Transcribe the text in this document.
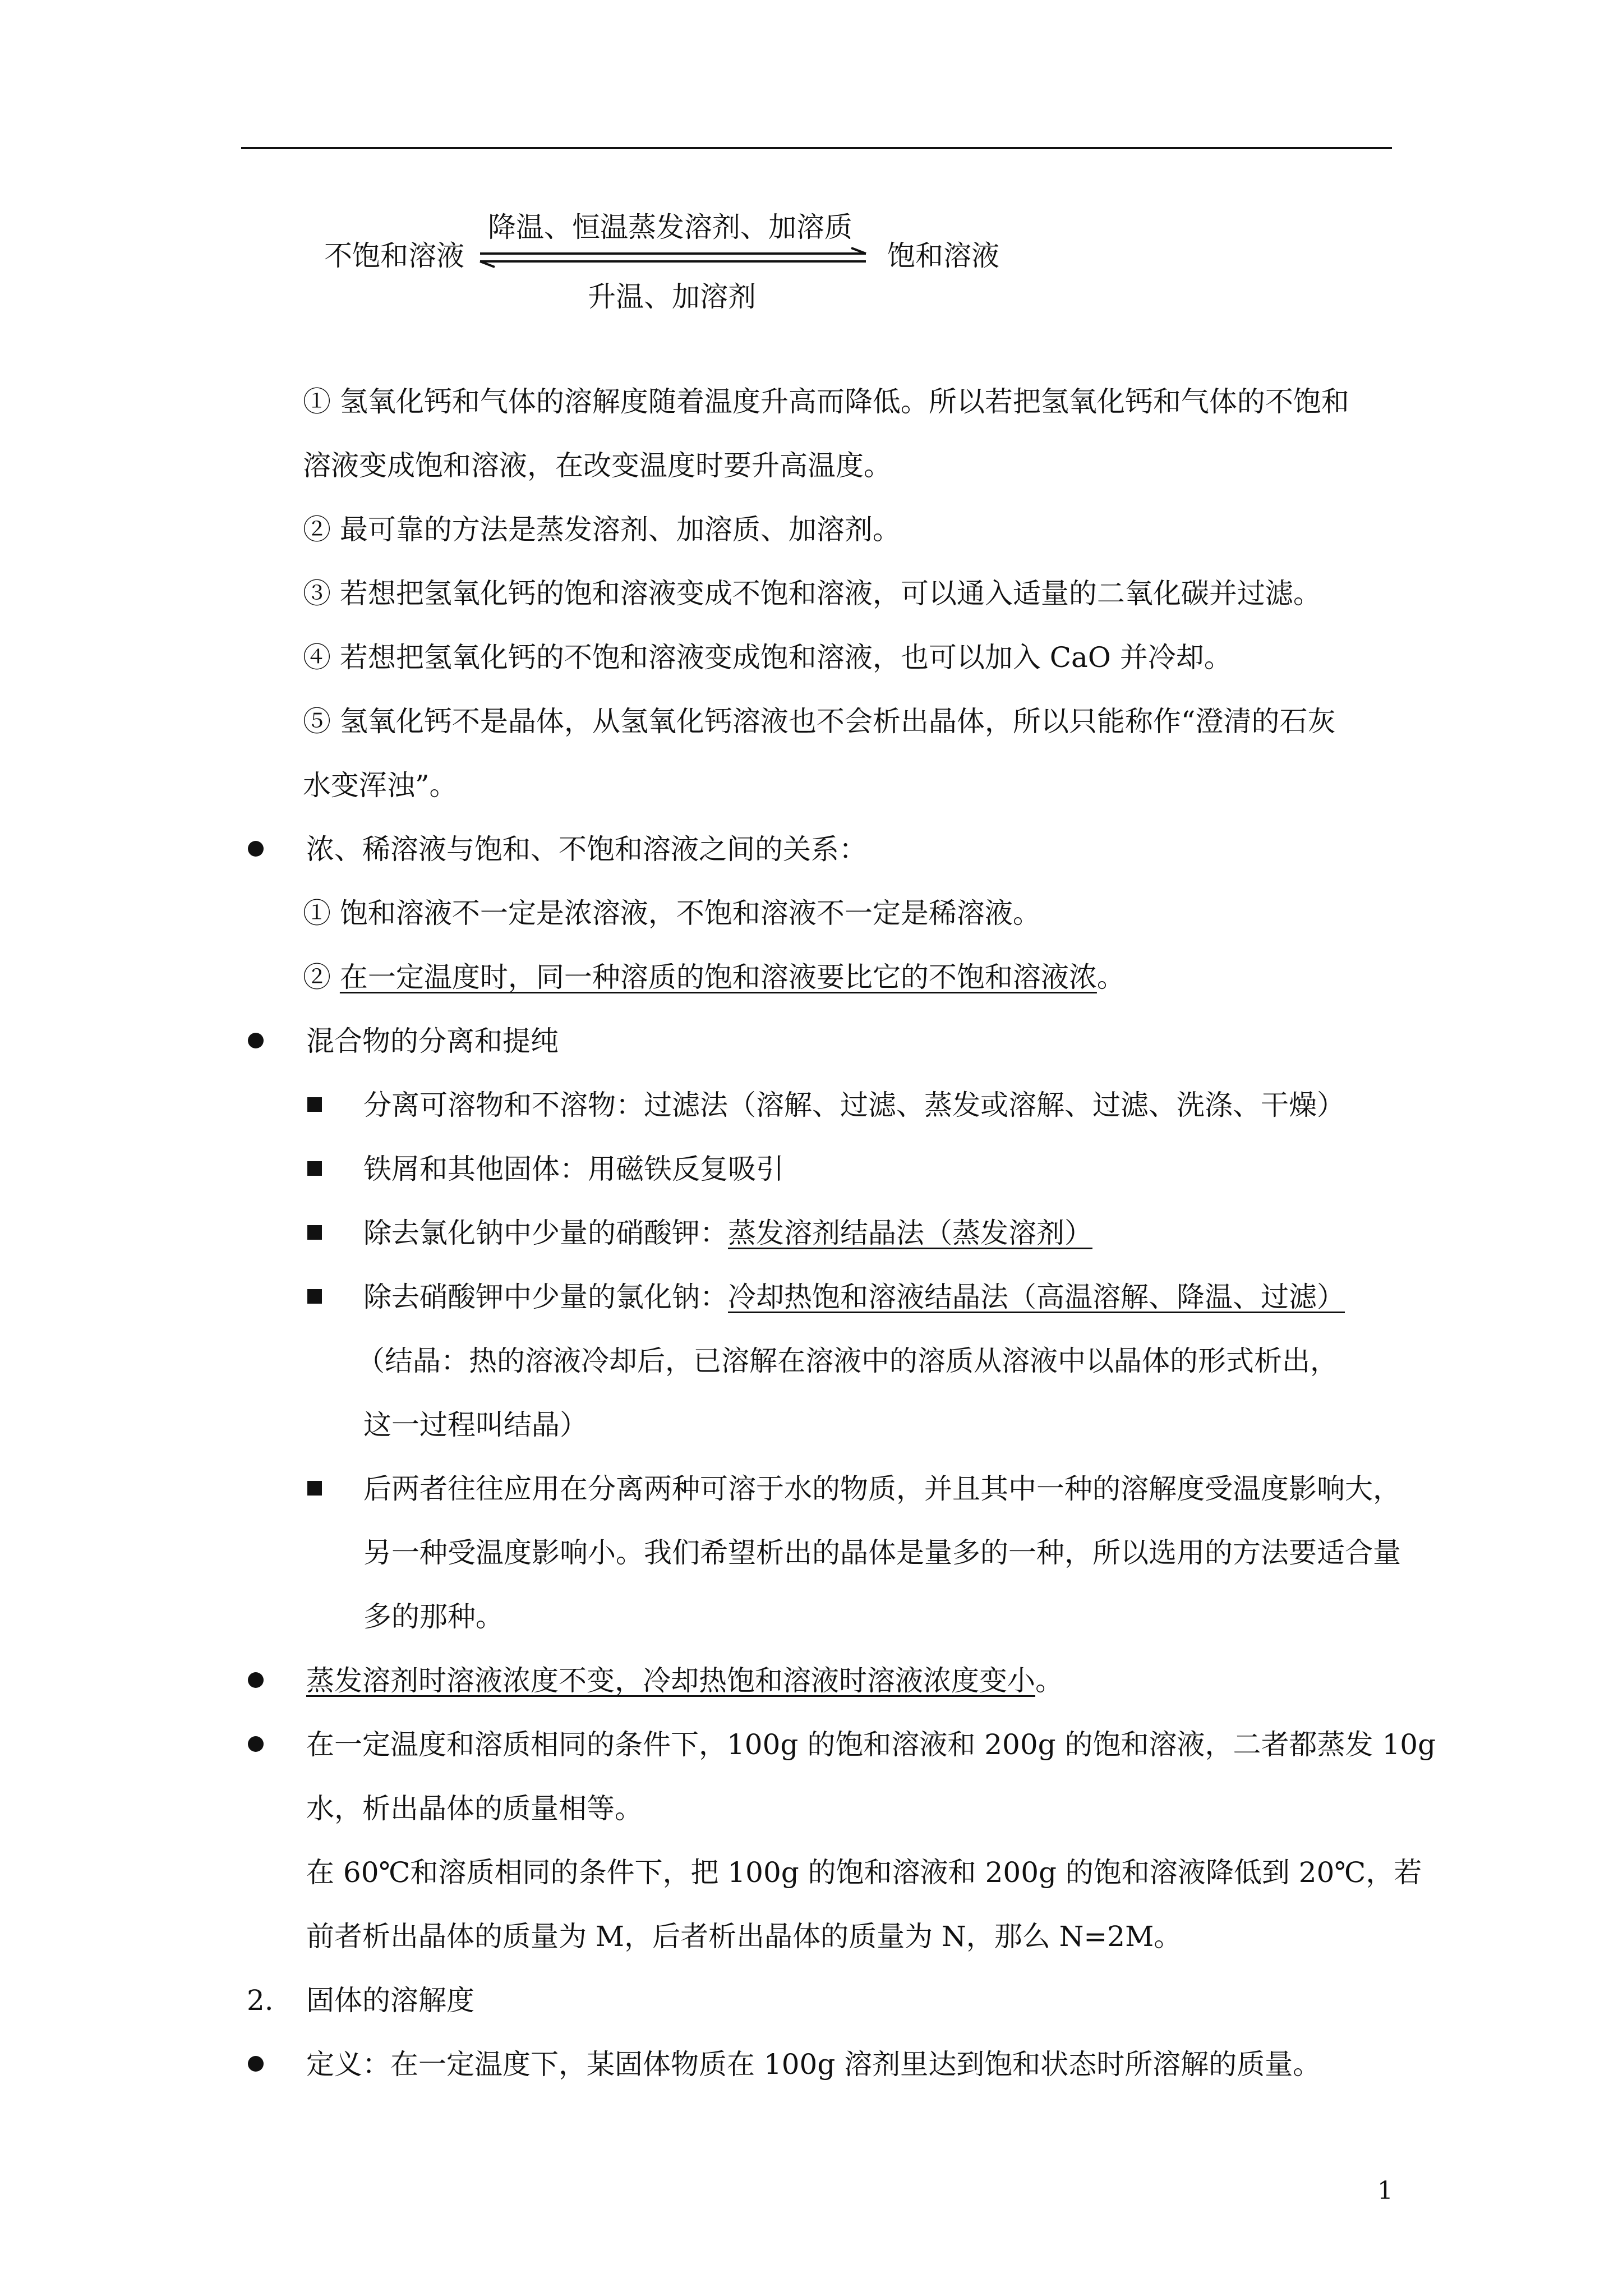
不饱和溶液	饱和溶液
降温、恒温蒸发溶剂、加溶质
升温、加溶剂
① 氢氧化钙和气体的溶解度随着温度升高而降低。所以若把氢氧化钙和气体的不饱和
溶液变成饱和溶液，在改变温度时要升高温度。
② 最可靠的方法是蒸发溶剂、加溶质、加溶剂。
③ 若想把氢氧化钙的饱和溶液变成不饱和溶液，可以通入适量的二氧化碳并过滤。
④ 若想把氢氧化钙的不饱和溶液变成饱和溶液，也可以加入 CaO 并冷却。
⑤ 氢氧化钙不是晶体，从氢氧化钙溶液也不会析出晶体，所以只能称作“澄清的石灰
水变浑浊”。
浓、稀溶液与饱和、不饱和溶液之间的关系：
① 饱和溶液不一定是浓溶液，不饱和溶液不一定是稀溶液。
② 在一定温度时，同一种溶质的饱和溶液要比它的不饱和溶液浓。
混合物的分离和提纯
分离可溶物和不溶物：过滤法（溶解、过滤、蒸发或溶解、过滤、洗涤、干燥）
铁屑和其他固体：用磁铁反复吸引
除去氯化钠中少量的硝酸钾：蒸发溶剂结晶法（蒸发溶剂）
除去硝酸钾中少量的氯化钠：冷却热饱和溶液结晶法（高温溶解、降温、过滤）
（结晶：热的溶液冷却后，已溶解在溶液中的溶质从溶液中以晶体的形式析出，
这一过程叫结晶）
后两者往往应用在分离两种可溶于水的物质，并且其中一种的溶解度受温度影响大，
另一种受温度影响小。我们希望析出的晶体是量多的一种，所以选用的方法要适合量
多的那种。
蒸发溶剂时溶液浓度不变，冷却热饱和溶液时溶液浓度变小。
在一定温度和溶质相同的条件下，100g 的饱和溶液和 200g 的饱和溶液，二者都蒸发 10g
水，析出晶体的质量相等。
在 60℃和溶质相同的条件下，把 100g 的饱和溶液和 200g 的饱和溶液降低到 20℃，若
前者析出晶体的质量为 M，后者析出晶体的质量为 N，那么 N=2M。
2. 固体的溶解度
定义：在一定温度下，某固体物质在 100g 溶剂里达到饱和状态时所溶解的质量。
1
